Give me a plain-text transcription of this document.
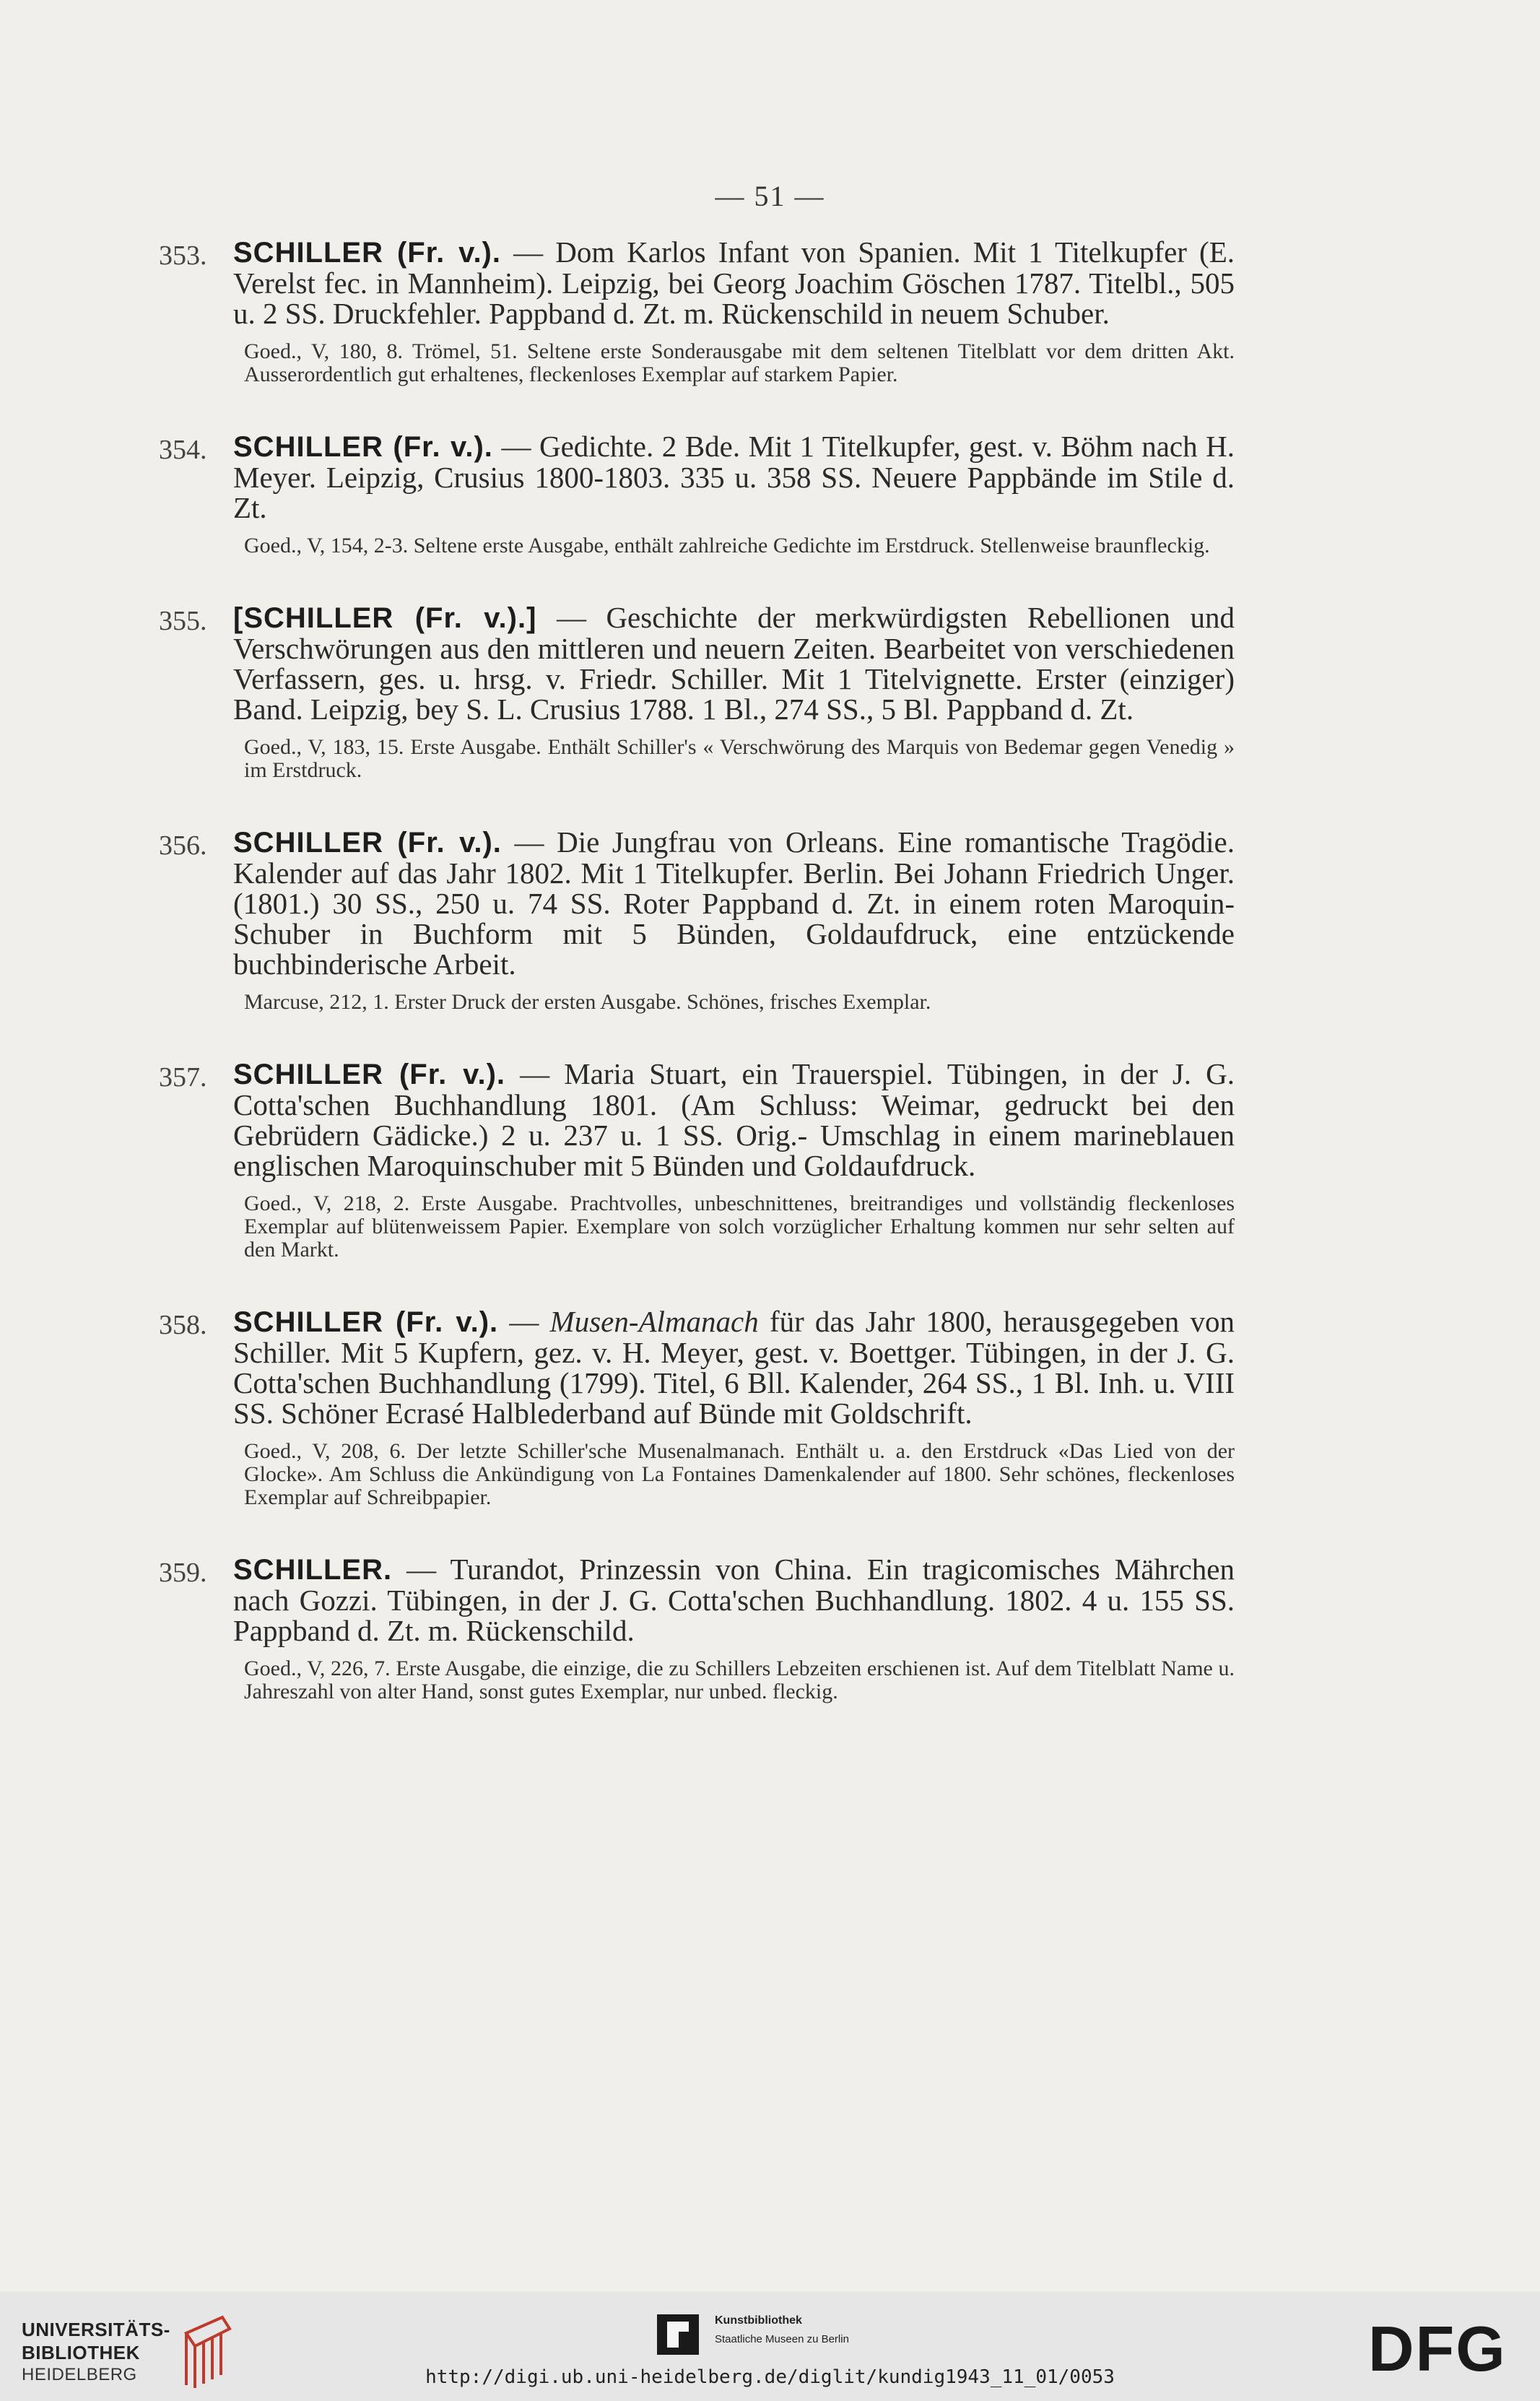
— 51 —
353. SCHILLER (Fr. v.). — Dom Karlos Infant von Spanien. Mit 1 Titelkupfer (E. Verelst fec. in Mannheim). Leipzig, bei Georg Joachim Göschen 1787. Titelbl., 505 u. 2 SS. Druckfehler. Pappband d. Zt. m. Rückenschild in neuem Schuber.
Goed., V, 180, 8. Trömel, 51. Seltene erste Sonderausgabe mit dem seltenen Titelblatt vor dem dritten Akt. Ausserordentlich gut erhaltenes, fleckenloses Exemplar auf starkem Papier.
354. SCHILLER (Fr. v.). — Gedichte. 2 Bde. Mit 1 Titelkupfer, gest. v. Böhm nach H. Meyer. Leipzig, Crusius 1800-1803. 335 u. 358 SS. Neuere Pappbände im Stile d. Zt.
Goed., V, 154, 2-3. Seltene erste Ausgabe, enthält zahlreiche Gedichte im Erstdruck. Stellenweise braunfleckig.
355. [SCHILLER (Fr. v.).] — Geschichte der merkwürdigsten Rebellionen und Verschwörungen aus den mittleren und neuern Zeiten. Bearbeitet von verschiedenen Verfassern, ges. u. hrsg. v. Friedr. Schiller. Mit 1 Titelvignette. Erster (einziger) Band. Leipzig, bey S. L. Crusius 1788. 1 Bl., 274 SS., 5 Bl. Pappband d. Zt.
Goed., V, 183, 15. Erste Ausgabe. Enthält Schiller's « Verschwörung des Marquis von Bedemar gegen Venedig » im Erstdruck.
356. SCHILLER (Fr. v.). — Die Jungfrau von Orleans. Eine romantische Tragödie. Kalender auf das Jahr 1802. Mit 1 Titelkupfer. Berlin. Bei Johann Friedrich Unger. (1801.) 30 SS., 250 u. 74 SS. Roter Pappband d. Zt. in einem roten Maroquin-Schuber in Buchform mit 5 Bünden, Goldaufdruck, eine entzückende buchbinderische Arbeit.
Marcuse, 212, 1. Erster Druck der ersten Ausgabe. Schönes, frisches Exemplar.
357. SCHILLER (Fr. v.). — Maria Stuart, ein Trauerspiel. Tübingen, in der J. G. Cotta'schen Buchhandlung 1801. (Am Schluss: Weimar, gedruckt bei den Gebrüdern Gädicke.) 2 u. 237 u. 1 SS. Orig.- Umschlag in einem marineblauen englischen Maroquinschuber mit 5 Bünden und Goldaufdruck.
Goed., V, 218, 2. Erste Ausgabe. Prachtvolles, unbeschnittenes, breitrandiges und vollständig fleckenloses Exemplar auf blütenweissem Papier. Exemplare von solch vorzüglicher Erhaltung kommen nur sehr selten auf den Markt.
358. SCHILLER (Fr. v.). — Musen-Almanach für das Jahr 1800, herausgegeben von Schiller. Mit 5 Kupfern, gez. v. H. Meyer, gest. v. Boettger. Tübingen, in der J. G. Cotta'schen Buchhandlung (1799). Titel, 6 Bll. Kalender, 264 SS., 1 Bl. Inh. u. VIII SS. Schöner Ecrasé Halblederband auf Bünde mit Goldschrift.
Goed., V, 208, 6. Der letzte Schiller'sche Musenalmanach. Enthält u. a. den Erstdruck «Das Lied von der Glocke». Am Schluss die Ankündigung von La Fontaines Damenkalender auf 1800. Sehr schönes, fleckenloses Exemplar auf Schreibpapier.
359. SCHILLER. — Turandot, Prinzessin von China. Ein tragicomisches Mährchen nach Gozzi. Tübingen, in der J. G. Cotta'schen Buchhandlung. 1802. 4 u. 155 SS. Pappband d. Zt. m. Rückenschild.
Goed., V, 226, 7. Erste Ausgabe, die einzige, die zu Schillers Lebzeiten erschienen ist. Auf dem Titelblatt Name u. Jahreszahl von alter Hand, sonst gutes Exemplar, nur unbed. fleckig.
UNIVERSITÄTS-
BIBLIOTHEK
HEIDELBERG
Kunstbibliothek
Staatliche Museen zu Berlin	DFG
http://digi.ub.uni-heidelberg.de/diglit/kundig1943_11_01/0053
